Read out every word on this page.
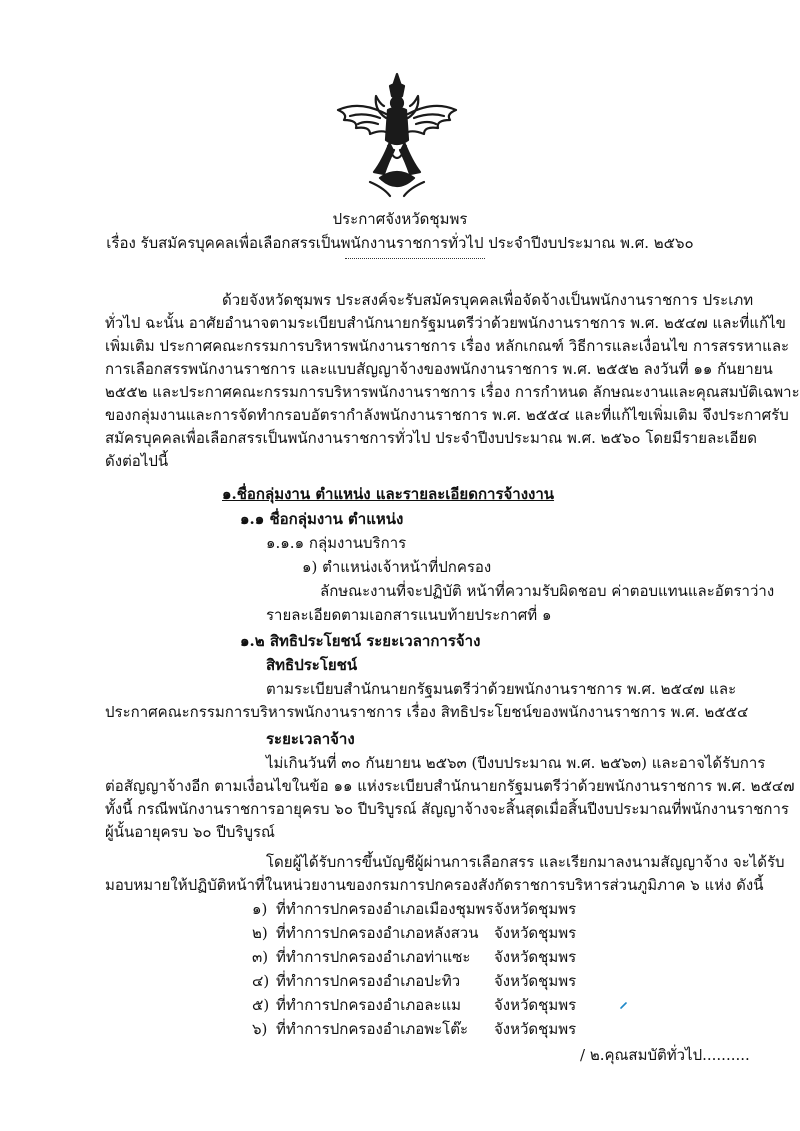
ประกาศจังหวัดชุมพร
เรื่อง รับสมัครบุคคลเพื่อเลือกสรรเป็นพนักงานราชการทั่วไป ประจำปีงบประมาณ พ.ศ. ๒๕๖๐
ด้วยจังหวัดชุมพร ประสงค์จะรับสมัครบุคคลเพื่อจัดจ้างเป็นพนักงานราชการ ประเภท
ทั่วไป ฉะนั้น อาศัยอำนาจตามระเบียบสำนักนายกรัฐมนตรีว่าด้วยพนักงานราชการ พ.ศ. ๒๕๔๗ และที่แก้ไข
เพิ่มเติม ประกาศคณะกรรมการบริหารพนักงานราชการ เรื่อง หลักเกณฑ์ วิธีการและเงื่อนไข การสรรหาและ
การเลือกสรรพนักงานราชการ และแบบสัญญาจ้างของพนักงานราชการ พ.ศ. ๒๕๕๒ ลงวันที่ ๑๑ กันยายน
๒๕๕๒ และประกาศคณะกรรมการบริหารพนักงานราชการ เรื่อง การกำหนด ลักษณะงานและคุณสมบัติเฉพาะ
ของกลุ่มงานและการจัดทำกรอบอัตรากำลังพนักงานราชการ พ.ศ. ๒๕๕๔ และที่แก้ไขเพิ่มเติม จึงประกาศรับ
สมัครบุคคลเพื่อเลือกสรรเป็นพนักงานราชการทั่วไป ประจำปีงบประมาณ พ.ศ. ๒๕๖๐ โดยมีรายละเอียด
ดังต่อไปนี้
๑.ชื่อกลุ่มงาน ตำแหน่ง และรายละเอียดการจ้างงาน
๑.๑ ชื่อกลุ่มงาน ตำแหน่ง
๑.๑.๑ กลุ่มงานบริการ
๑) ตำแหน่งเจ้าหน้าที่ปกครอง
ลักษณะงานที่จะปฏิบัติ หน้าที่ความรับผิดชอบ ค่าตอบแทนและอัตราว่าง
รายละเอียดตามเอกสารแนบท้ายประกาศที่ ๑
๑.๒ สิทธิประโยชน์ ระยะเวลาการจ้าง
สิทธิประโยชน์
ตามระเบียบสำนักนายกรัฐมนตรีว่าด้วยพนักงานราชการ พ.ศ. ๒๕๔๗ และ
ประกาศคณะกรรมการบริหารพนักงานราชการ เรื่อง สิทธิประโยชน์ของพนักงานราชการ พ.ศ. ๒๕๕๔
ระยะเวลาจ้าง
ไม่เกินวันที่ ๓๐ กันยายน ๒๕๖๓ (ปีงบประมาณ พ.ศ. ๒๕๖๓) และอาจได้รับการ
ต่อสัญญาจ้างอีก ตามเงื่อนไขในข้อ ๑๑ แห่งระเบียบสำนักนายกรัฐมนตรีว่าด้วยพนักงานราชการ พ.ศ. ๒๕๔๗
ทั้งนี้ กรณีพนักงานราชการอายุครบ ๖๐ ปีบริบูรณ์ สัญญาจ้างจะสิ้นสุดเมื่อสิ้นปีงบประมาณที่พนักงานราชการ
ผู้นั้นอายุครบ ๖๐ ปีบริบูรณ์
โดยผู้ได้รับการขึ้นบัญชีผู้ผ่านการเลือกสรร และเรียกมาลงนามสัญญาจ้าง จะได้รับ
มอบหมายให้ปฏิบัติหน้าที่ในหน่วยงานของกรมการปกครองสังกัดราชการบริหารส่วนภูมิภาค ๖ แห่ง ดังนี้
๑) ที่ทำการปกครองอำเภอเมืองชุมพร จังหวัดชุมพร
๒) ที่ทำการปกครองอำเภอหลังสวน จังหวัดชุมพร
๓) ที่ทำการปกครองอำเภอท่าแซะ จังหวัดชุมพร
๔) ที่ทำการปกครองอำเภอปะทิว จังหวัดชุมพร
๕) ที่ทำการปกครองอำเภอละแม จังหวัดชุมพร
๖) ที่ทำการปกครองอำเภอพะโต๊ะ จังหวัดชุมพร
/ ๒.คุณสมบัติทั่วไป..........
